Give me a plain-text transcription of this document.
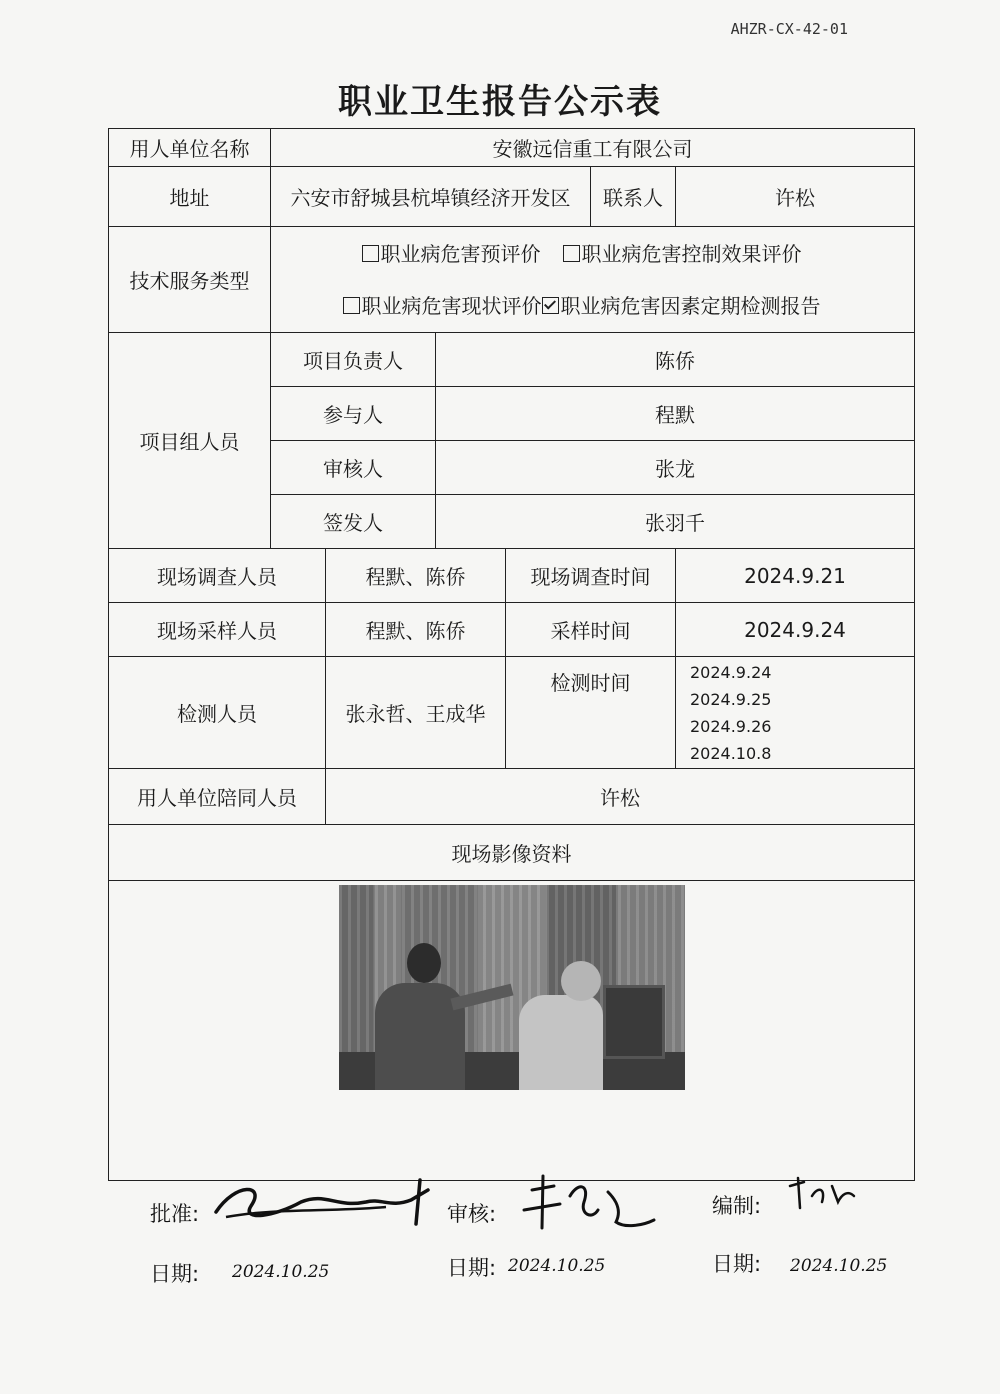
AHZR-CX-42-01
职业卫生报告公示表
用人单位名称	安徽远信重工有限公司					
地址	六安市舒城县杭埠镇经济开发区				联系人	许松
技术服务类型	职业病危害预评价 职业病危害控制效果评价
职业病危害现状评价 职业病危害因素定期检测报告					

项目组人员	项目负责人		陈侨			
	参与人		程默			
	审核人		张龙			
	签发人		张羽千			
现场调查人员		程默、陈侨		现场调查时间		2024.9.21
现场采样人员		程默、陈侨		采样时间		2024.9.24
检测人员		张永哲、王成华		检测时间		2024.9.24
2024.9.25
2024.9.26
2024.10.8

用人单位陪同人员		许松				
现场影像资料						

批准:	审核:	编制:
日期: 2024.10.25	日期: 2024.10.25	日期: 2024.10.25
